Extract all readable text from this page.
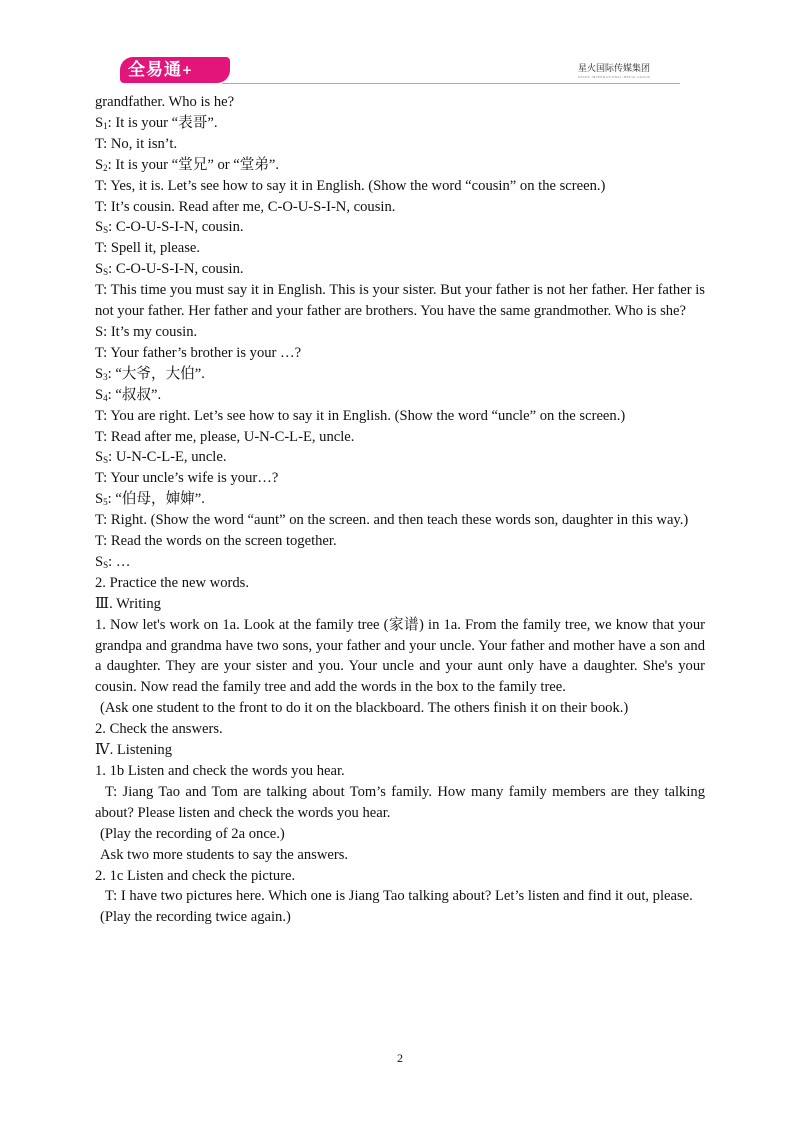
全易通+	星火国际传媒集团
SPARK INTERNATIONAL MEDIA GROUP

grandfather. Who is he?

$S_1$: It is your “表哥”.

T: No, it isn’t.

$S_2$: It is your “堂兄” or “堂弟”.

T: Yes, it is. Let’s see how to say it in English. (Show the word “cousin” on the screen.)

T: It’s cousin. Read after me, C-O-U-S-I-N, cousin.

$S_S$: C-O-U-S-I-N, cousin.

T: Spell it, please.

$S_S$: C-O-U-S-I-N, cousin.

T: This time you must say it in English. This is your sister. But your father is not her father. Her father is not your father. Her father and your father are brothers. You have the same grandmother. Who is she?

S: It’s my cousin.

T: Your father’s brother is your …?

$S_3$: “大爷，大伯”.

$S_4$: “叔叔”.

T: You are right. Let’s see how to say it in English. (Show the word “uncle” on the screen.)

T: Read after me, please, U-N-C-L-E, uncle.

$S_S$: U-N-C-L-E, uncle.

T: Your uncle’s wife is your…?

$S_5$: “伯母，婶婶”.

T: Right. (Show the word “aunt” on the screen. and then teach these words son, daughter in this way.)

T: Read the words on the screen together.

$S_S$: …

2. Practice the new words.

Ⅲ. Writing

1. Now let's work on 1a. Look at the family tree (家谱) in 1a. From the family tree, we know that your grandpa and grandma have two sons, your father and your uncle. Your father and mother have a son and a daughter. They are your sister and you. Your uncle and your aunt only have a daughter. She's your cousin. Now read the family tree and add the words in the box to the family tree.

(Ask one student to the front to do it on the blackboard. The others finish it on their book.)

2. Check the answers.

Ⅳ. Listening

1. 1b Listen and check the words you hear.

T: Jiang Tao and Tom are talking about Tom’s family. How many family members are they talking about? Please listen and check the words you hear.

(Play the recording of 2a once.)

Ask two more students to say the answers.

2. 1c Listen and check the picture.

T: I have two pictures here. Which one is Jiang Tao talking about? Let’s listen and find it out, please.

(Play the recording twice again.)

2
